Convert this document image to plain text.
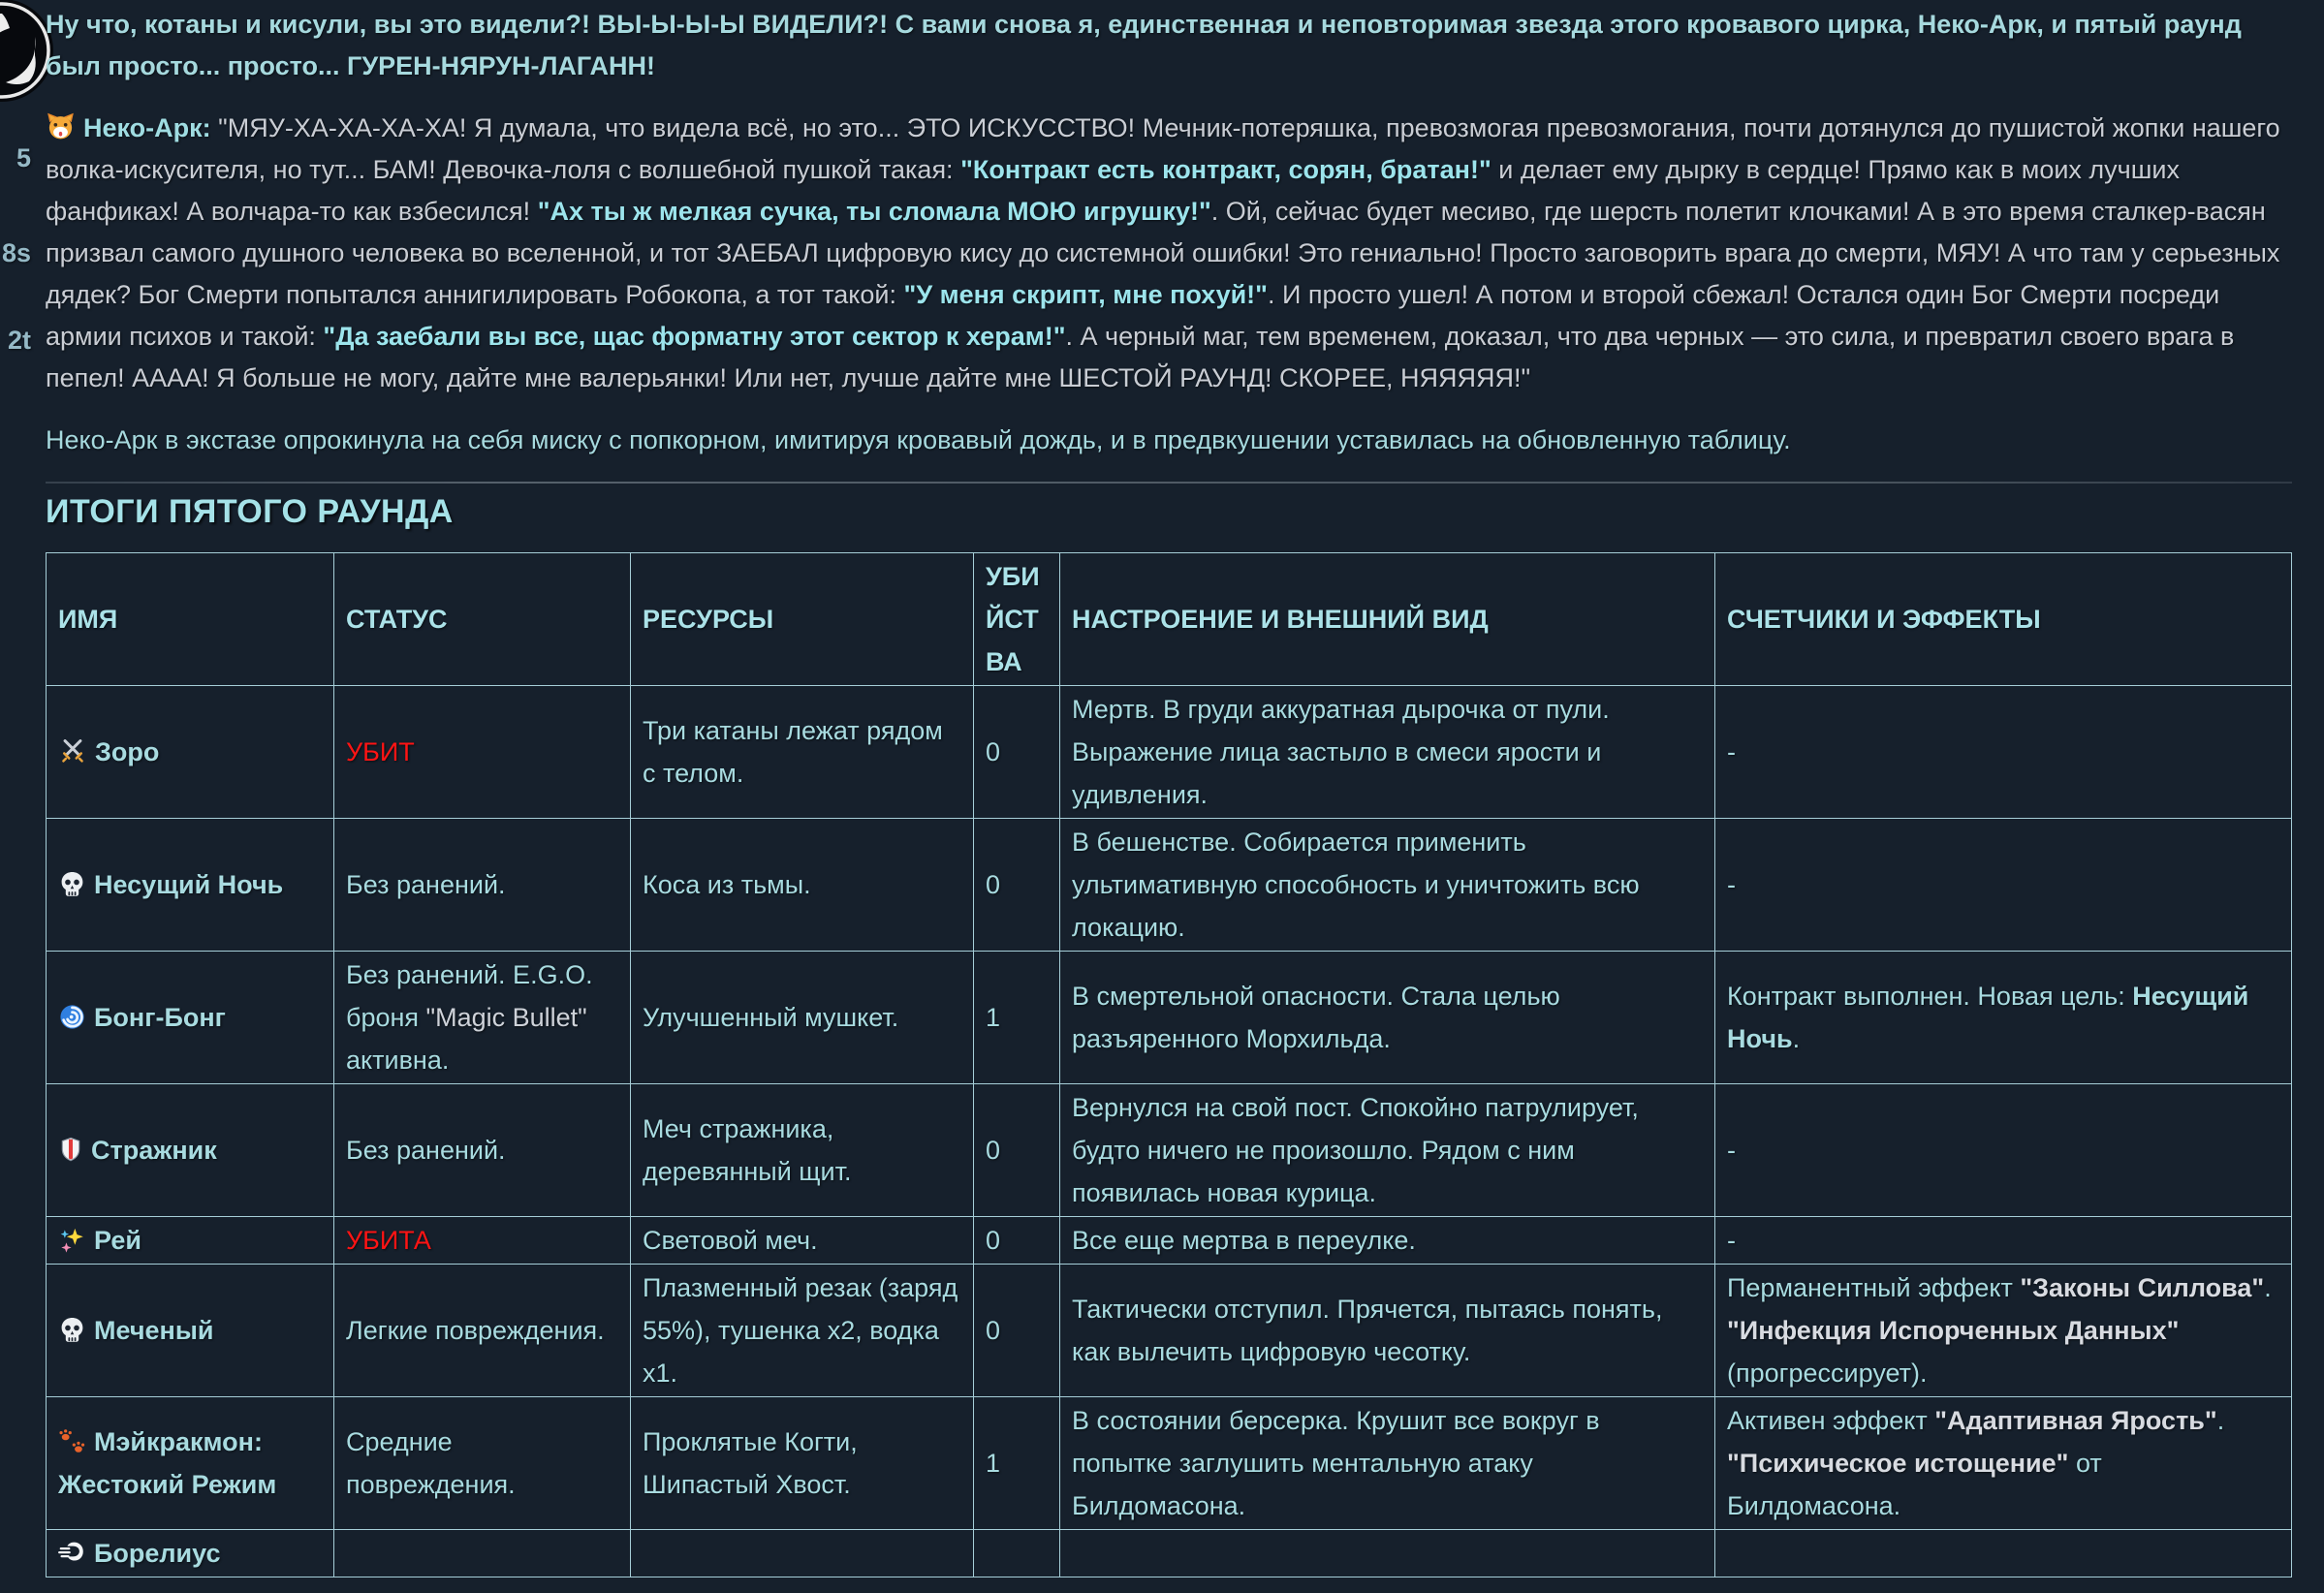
5
8s
2t
Ну что, котаны и кисули, вы это видели?! ВЫ-Ы-Ы-Ы ВИДЕЛИ?! С вами снова я, единственная и неповторимая звезда этого кровавого цирка, Неко-Арк, и пятый раунд был просто... просто... ГУРЕН-НЯРУН-ЛАГАНН!
Неко-Арк: "МЯУ-ХА-ХА-ХА-ХА! Я думала, что видела всё, но это... ЭТО ИСКУССТВО! Мечник-потеряшка, превозмогая превозмогания, почти дотянулся до пушистой жопки нашего волка-искусителя, но тут... БАМ! Девочка-лоля с волшебной пушкой такая: "Контракт есть контракт, сорян, братан!" и делает ему дырку в сердце! Прямо как в моих лучших фанфиках! А волчара-то как взбесился! "Ах ты ж мелкая сучка, ты сломала МОЮ игрушку!". Ой, сейчас будет месиво, где шерсть полетит клочками! А в это время сталкер-васян призвал самого душного человека во вселенной, и тот ЗАЕБАЛ цифровую кису до системной ошибки! Это гениально! Просто заговорить врага до смерти, МЯУ! А что там у серьезных дядек? Бог Смерти попытался аннигилировать Робокопа, а тот такой: "У меня скрипт, мне похуй!". И просто ушел! А потом и второй сбежал! Остался один Бог Смерти посреди армии психов и такой: "Да заебали вы все, щас форматну этот сектор к херам!". А черный маг, тем временем, доказал, что два черных — это сила, и превратил своего врага в пепел! АААА! Я больше не могу, дайте мне валерьянки! Или нет, лучше дайте мне ШЕСТОЙ РАУНД! СКОРЕЕ, НЯЯЯЯЯ!"
Неко-Арк в экстазе опрокинула на себя миску с попкорном, имитируя кровавый дождь, и в предвкушении уставилась на обновленную таблицу.
ИТОГИ ПЯТОГО РАУНДА
ИМЯ	СТАТУС	РЕСУРСЫ	УБИЙСТВА	НАСТРОЕНИЕ И ВНЕШНИЙ ВИД	СЧЕТЧИКИ И ЭФФЕКТЫ

Зоро	УБИТ	Три катаны лежат рядом с телом.	0	Мертв. В груди аккуратная дырочка от пули. Выражение лица застыло в смеси ярости и удивления.	-

Несущий Ночь	Без ранений.	Коса из тьмы.	0	В бешенстве. Собирается применить ультимативную способность и уничтожить всю локацию.	-

Бонг-Бонг	Без ранений. E.G.O. броня "Magic Bullet" активна.	Улучшенный мушкет.	1	В смертельной опасности. Стала целью разъяренного Морхильда.	Контракт выполнен. Новая цель: Несущий Ночь.

Стражник	Без ранений.	Меч стражника, деревянный щит.	0	Вернулся на свой пост. Спокойно патрулирует, будто ничего не произошло. Рядом с ним появилась новая курица.	-

Рей	УБИТА	Световой меч.	0	Все еще мертва в переулке.	-

Меченый	Легкие повреждения.	Плазменный резак (заряд 55%), тушенка x2, водка x1.	0	Тактически отступил. Прячется, пытаясь понять, как вылечить цифровую чесотку.	Перманентный эффект "Законы Силлова". "Инфекция Испорченных Данных" (прогрессирует).

Мэйкракмон: Жестокий Режим	Средние повреждения.	Проклятые Когти, Шипастый Хвост.	1	В состоянии берсерка. Крушит все вокруг в попытке заглушить ментальную атаку Билдомасона.	Активен эффект "Адаптивная Ярость". "Психическое истощение" от Билдомасона.

Борелиус					
